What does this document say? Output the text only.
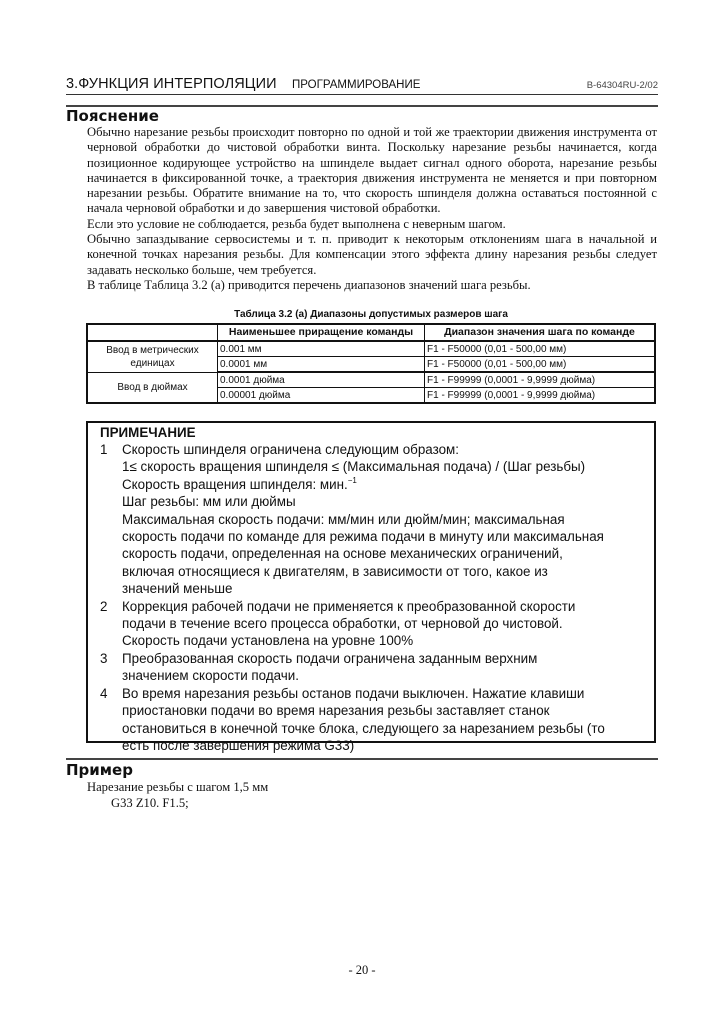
3.ФУНКЦИЯ ИНТЕРПОЛЯЦИИ ПРОГРАММИРОВАНИЕ	B-64304RU-2/02
Пояснение

Обычно нарезание резьбы происходит повторно по одной и той же траектории движения инструмента от черновой обработки до чистовой обработки винта. Поскольку нарезание резьбы начинается, когда позиционное кодирующее устройство на шпинделе выдает сигнал одного оборота, нарезание резьбы начинается в фиксированной точке, а траектория движения инструмента не меняется и при повторном нарезании резьбы. Обратите внимание на то, что скорость шпинделя должна оставаться постоянной с начала черновой обработки и до завершения чистовой обработки.

Если это условие не соблюдается, резьба будет выполнена с неверным шагом.

Обычно запаздывание сервосистемы и т. п. приводит к некоторым отклонениям шага в начальной и конечной точках нарезания резьбы. Для компенсации этого эффекта длину нарезания резьбы следует задавать несколько больше, чем требуется.

В таблице Таблица 3.2 (а) приводится перечень диапазонов значений шага резьбы.

Таблица 3.2 (а) Диапазоны допустимых размеров шага
	Наименьшее приращение команды	Диапазон значения шага по команде
Ввод в метрических единицах	0.001 мм	F1 - F50000 (0,01 - 500,00 мм)
	0.0001 мм	F1 - F50000 (0,01 - 500,00 мм)
Ввод в дюймах	0.0001 дюйма	F1 - F99999 (0,0001 - 9,9999 дюйма)
	0.00001 дюйма	F1 - F99999 (0,0001 - 9,9999 дюйма)
ПРИМЕЧАНИЕ
1 Скорость шпинделя ограничена следующим образом:
1≤ скорость вращения шпинделя ≤ (Максимальная подача) / (Шаг резьбы)
Скорость вращения шпинделя: мин.$^{-1}$
Шаг резьбы: мм или дюймы
Максимальная скорость подачи: мм/мин или дюйм/мин; максимальная
скорость подачи по команде для режима подачи в минуту или максимальная
скорость подачи, определенная на основе механических ограничений,
включая относящиеся к двигателям, в зависимости от того, какое из
значений меньше
2 Коррекция рабочей подачи не применяется к преобразованной скорости
подачи в течение всего процесса обработки, от черновой до чистовой.
Скорость подачи установлена на уровне 100%
3 Преобразованная скорость подачи ограничена заданным верхним
значением скорости подачи.
4 Во время нарезания резьбы останов подачи выключен. Нажатие клавиши
приостановки подачи во время нарезания резьбы заставляет станок
остановиться в конечной точке блока, следующего за нарезанием резьбы (то
есть после завершения режима G33)
Пример
Нарезание резьбы с шагом 1,5 мм
G33 Z10. F1.5;
- 20 -
